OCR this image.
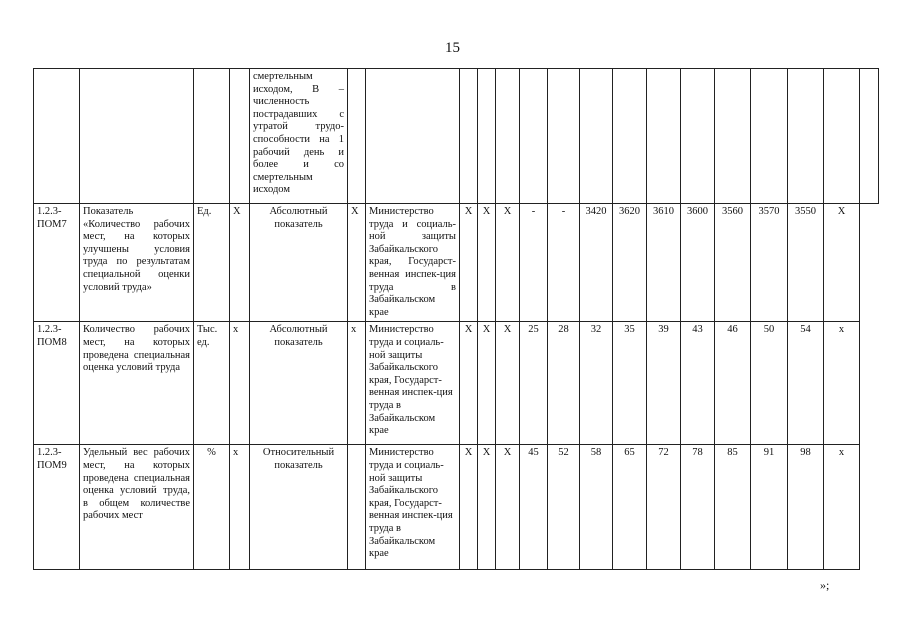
15
				смертельным исходом, В – численность пострадавших с утратой трудо-способности на 1 рабочий день и более и со смертельным исходом																
1.2.3-ПОМ7	Показатель «Количество рабочих мест, на которых улучшены условия труда по результатам специальной оценки условий труда»	Ед.	Х	Абсолютный показатель	Х	Министерство труда и социаль-ной защиты Забайкальского края, Государст-венная инспек-ция труда в Забайкальском крае	Х	Х	Х	-	-	3420	3620	3610	3600	3560	3570	3550	Х	
1.2.3-ПОМ8	Количество рабочих мест, на которых проведена специальная оценка условий труда	Тыс. ед.	х	Абсолютный показатель	х	Министерство труда и социаль-ной защиты Забайкальского края, Государст-венная инспек-ция труда в Забайкальском крае	Х	Х	Х	25	28	32	35	39	43	46	50	54	х	
1.2.3-ПОМ9	Удельный вес рабочих мест, на которых проведена специальная оценка условий труда, в общем количестве рабочих мест	%	х	Относительный показатель		Министерство труда и социаль-ной защиты Забайкальского края, Государст-венная инспек-ция труда в Забайкальском крае	Х	Х	Х	45	52	58	65	72	78	85	91	98	х	
»;
